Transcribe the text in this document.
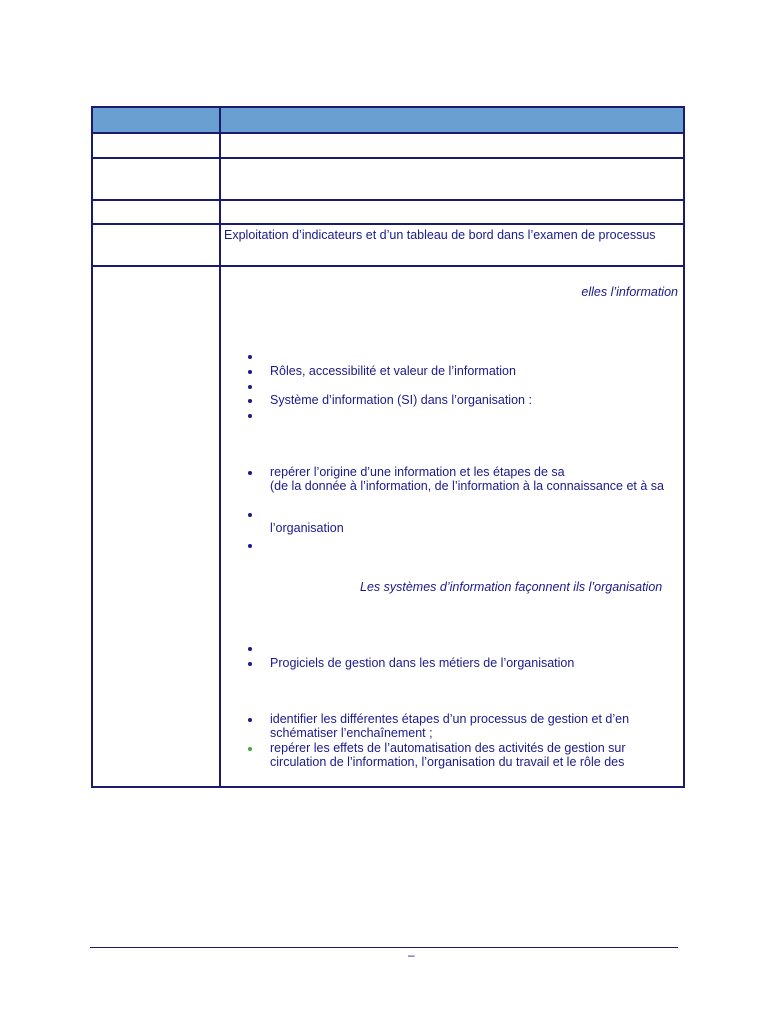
Exploitation d’indicateurs et d’un tableau de bord dans l’examen de processus
elles l’information
Rôles, accessibilité et valeur de l’information
Système d’information (SI) dans l’organisation :
repérer l’origine d’une information et les étapes de sa
(de la donnée à l’information, de l’information à la connaissance et à sa
l’organisation
Les systèmes d’information façonnent ils l’organisation
Progiciels de gestion dans les métiers de l’organisation
identifier les différentes étapes d’un processus de gestion et d’en
schématiser l’enchaînement ;
repérer les effets de l’automatisation des activités de gestion sur
circulation de l’information, l’organisation du travail et le rôle des
–
